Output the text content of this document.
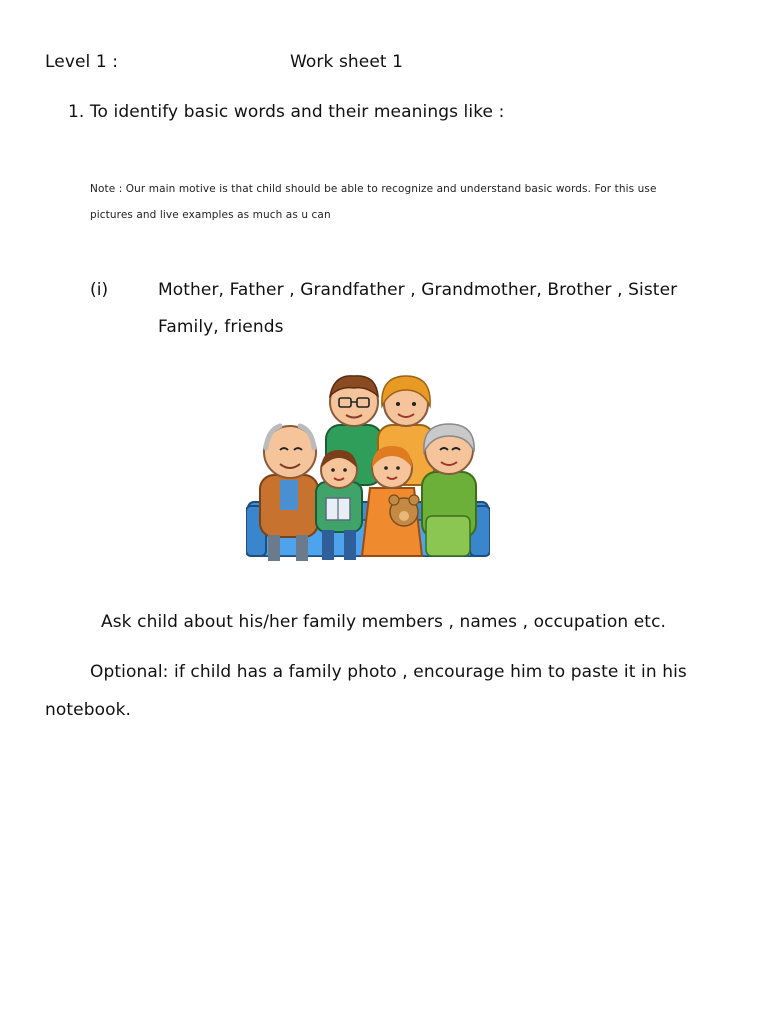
Level 1 :	Work sheet 1
1. To identify basic words and their meanings like :
Note : Our main motive is that child should be able to recognize and understand basic words. For this use
pictures and live examples as much as u can
(i)	Mother, Father , Grandfather , Grandmother, Brother , Sister
Family, friends
Ask child about his/her family members , names , occupation etc.
Optional: if child has a family photo , encourage him to paste it in his
notebook.
